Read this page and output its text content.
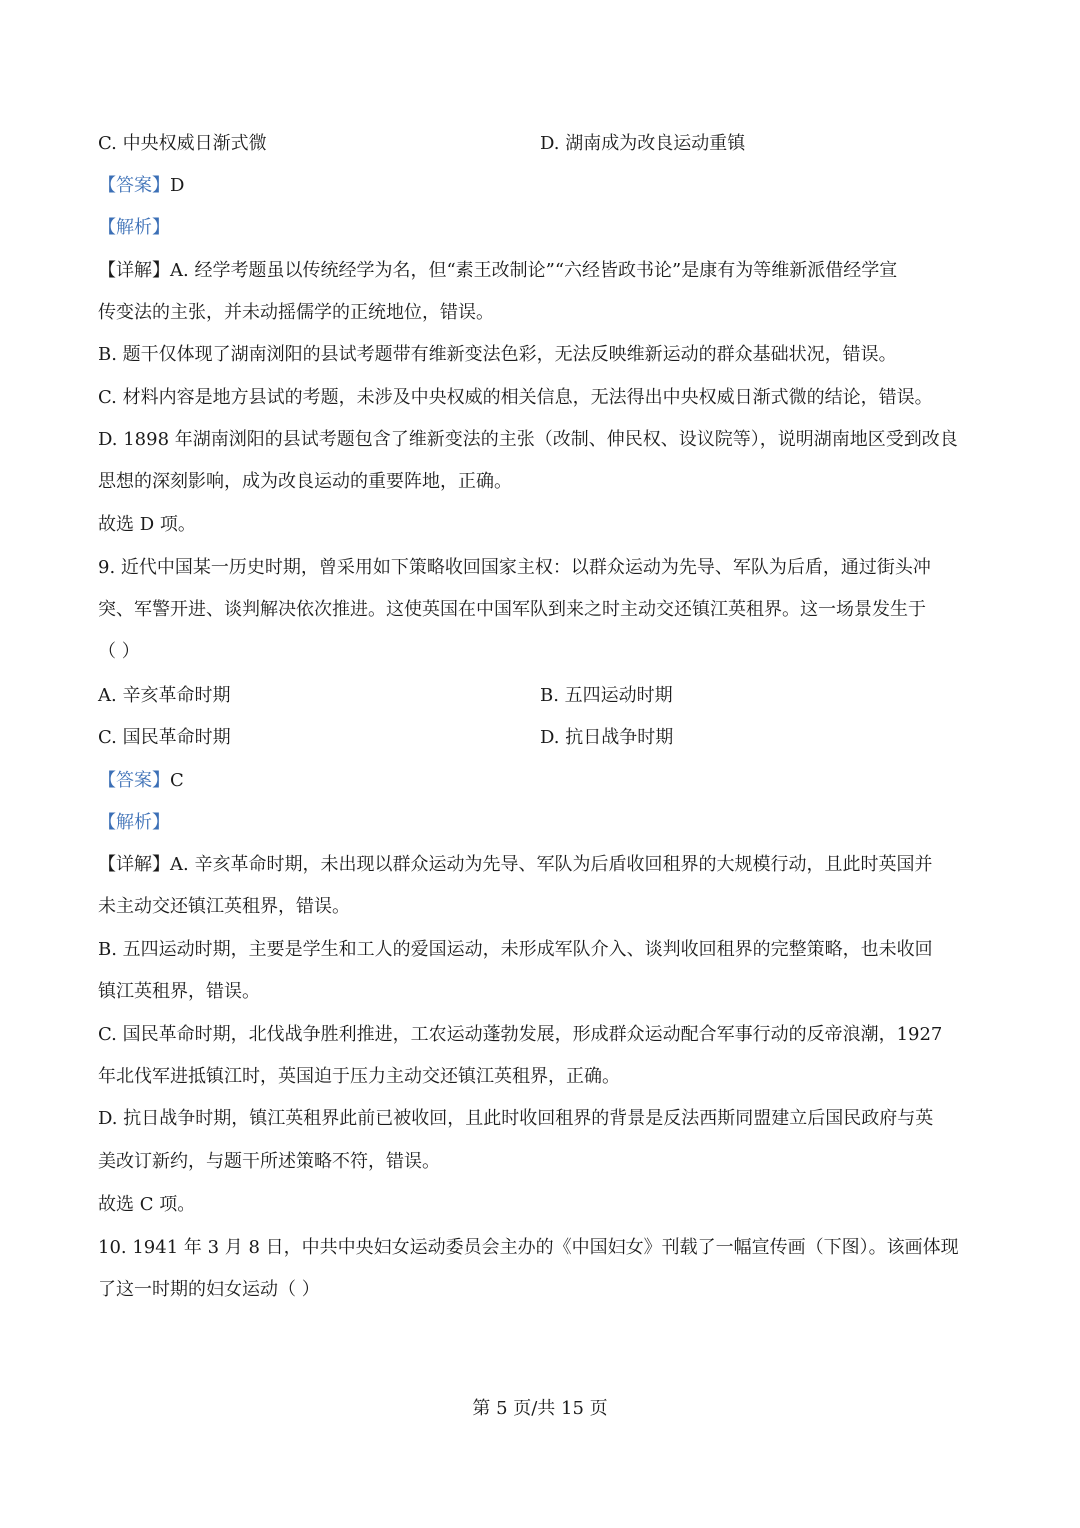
C. 中央权威日渐式微	D. 湖南成为改良运动重镇
【答案】D
【解析】
【详解】A. 经学考题虽以传统经学为名，但“素王改制论”“六经皆政书论”是康有为等维新派借经学宣
传变法的主张，并未动摇儒学的正统地位，错误。
B. 题干仅体现了湖南浏阳的县试考题带有维新变法色彩，无法反映维新运动的群众基础状况，错误。
C. 材料内容是地方县试的考题，未涉及中央权威的相关信息，无法得出中央权威日渐式微的结论，错误。
D. 1898 年湖南浏阳的县试考题包含了维新变法的主张（改制、伸民权、设议院等），说明湖南地区受到改良
思想的深刻影响，成为改良运动的重要阵地，正确。
故选 D 项。
9. 近代中国某一历史时期，曾采用如下策略收回国家主权：以群众运动为先导、军队为后盾，通过街头冲
突、军警开进、谈判解决依次推进。这使英国在中国军队到来之时主动交还镇江英租界。这一场景发生于
（ ）
A. 辛亥革命时期	B. 五四运动时期
C. 国民革命时期	D. 抗日战争时期
【答案】C
【解析】
【详解】A. 辛亥革命时期，未出现以群众运动为先导、军队为后盾收回租界的大规模行动，且此时英国并
未主动交还镇江英租界，错误。
B. 五四运动时期，主要是学生和工人的爱国运动，未形成军队介入、谈判收回租界的完整策略，也未收回
镇江英租界，错误。
C. 国民革命时期，北伐战争胜利推进，工农运动蓬勃发展，形成群众运动配合军事行动的反帝浪潮，1927
年北伐军进抵镇江时，英国迫于压力主动交还镇江英租界，正确。
D. 抗日战争时期，镇江英租界此前已被收回，且此时收回租界的背景是反法西斯同盟建立后国民政府与英
美改订新约，与题干所述策略不符，错误。
故选 C 项。
10. 1941 年 3 月 8 日，中共中央妇女运动委员会主办的《中国妇女》刊载了一幅宣传画（下图）。该画体现
了这一时期的妇女运动（ ）
第 5 页/共 15 页
